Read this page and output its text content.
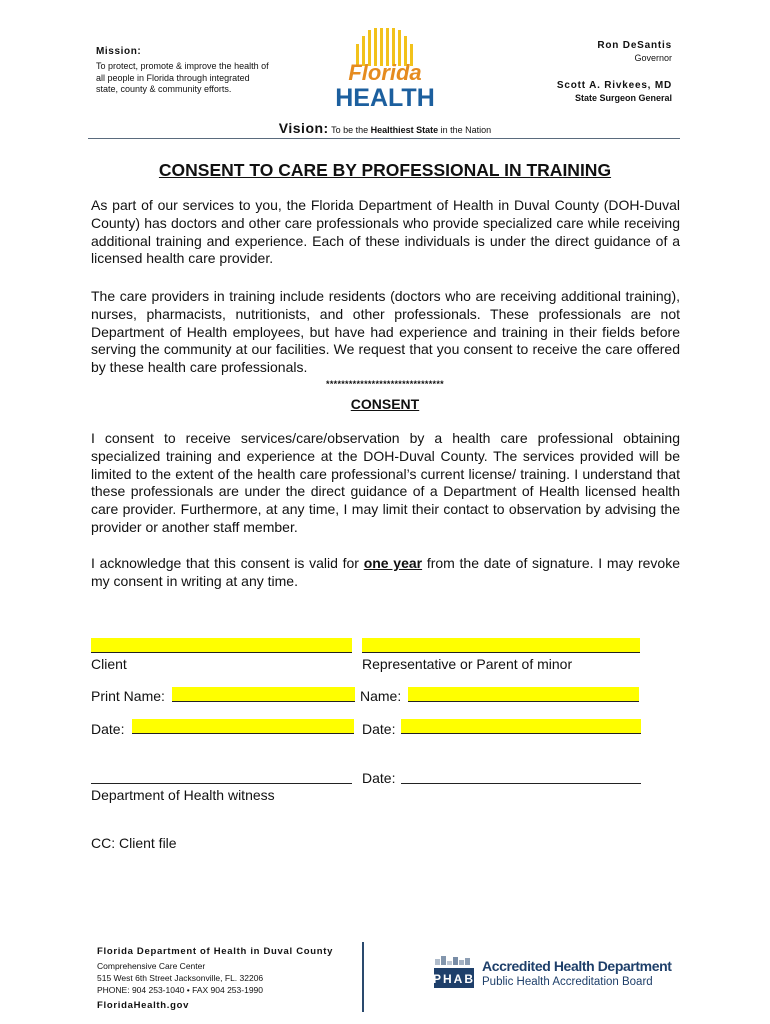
Mission:
To protect, promote & improve the health of all people in Florida through integrated state, county & community efforts.
Florida
HEALTH
Ron DeSantis
Governor
Scott A. Rivkees, MD
State Surgeon General
Vision: To be the Healthiest State in the Nation
CONSENT TO CARE BY PROFESSIONAL IN TRAINING
As part of our services to you, the Florida Department of Health in Duval County (DOH-Duval County) has doctors and other care professionals who provide specialized care while receiving additional training and experience. Each of these individuals is under the direct guidance of a licensed health care provider.
The care providers in training include residents (doctors who are receiving additional training), nurses, pharmacists, nutritionists, and other professionals. These professionals are not Department of Health employees, but have had experience and training in their fields before serving the community at our facilities. We request that you consent to receive the care offered by these health care professionals.
*******************************
CONSENT
I consent to receive services/care/observation by a health care professional obtaining specialized training and experience at the DOH-Duval County. The services provided will be limited to the extent of the health care professional’s current license/ training. I understand that these professionals are under the direct guidance of a Department of Health licensed health care provider. Furthermore, at any time, I may limit their contact to observation by advising the provider or another staff member.
I acknowledge that this consent is valid for one year from the date of signature. I may revoke my consent in writing at any time.
Client	Representative or Parent of minor
Print Name:	Name:
Date:	Date:
Date:
Department of Health witness
CC: Client file
Florida Department of Health in Duval County
Comprehensive Care Center
515 West 6th Street Jacksonville, FL. 32206
PHONE: 904 253-1040 • FAX 904 253-1990
FloridaHealth.gov
PHAB
Accredited Health Department
Public Health Accreditation Board
